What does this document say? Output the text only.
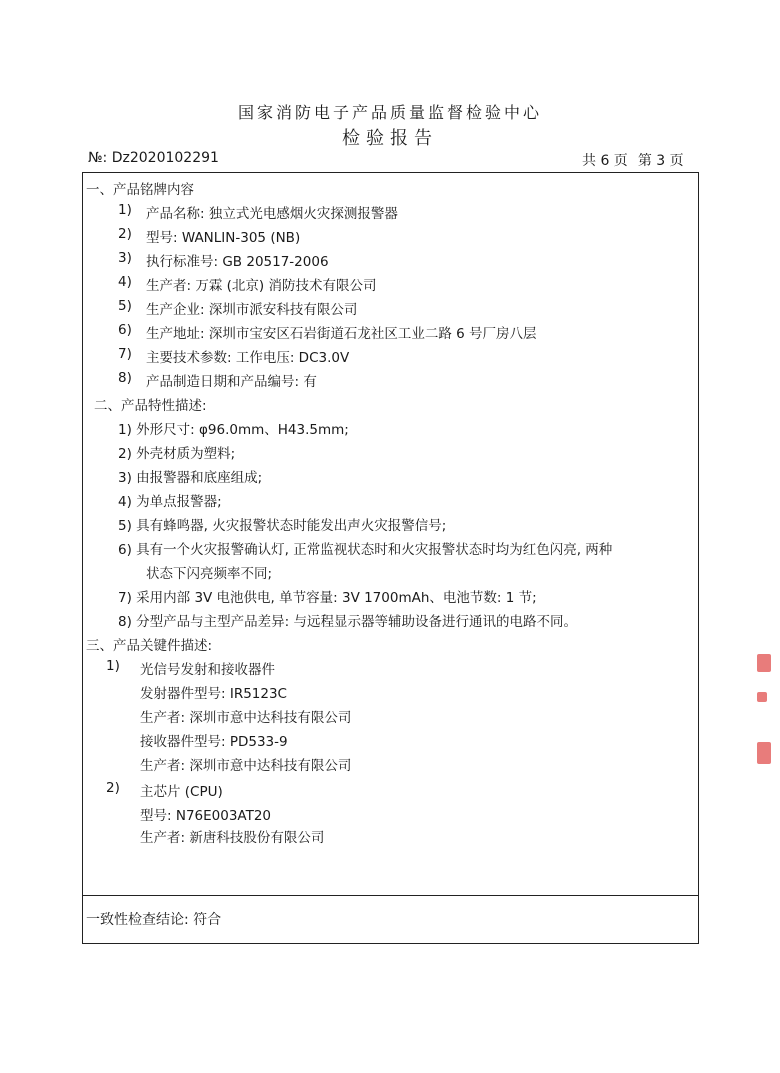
国家消防电子产品质量监督检验中心
检验报告
№: Dz2020102291	共 6 页 第 3 页
一、产品铭牌内容
1)	产品名称: 独立式光电感烟火灾探测报警器
2)	型号: WANLIN-305 (NB)
3)	执行标准号: GB 20517-2006
4)	生产者: 万霖 (北京) 消防技术有限公司
5)	生产企业: 深圳市派安科技有限公司
6)	生产地址: 深圳市宝安区石岩街道石龙社区工业二路 6 号厂房八层
7)	主要技术参数: 工作电压: DC3.0V
8)	产品制造日期和产品编号: 有
二、产品特性描述:
1) 外形尺寸: φ96.0mm、H43.5mm;
2) 外壳材质为塑料;
3) 由报警器和底座组成;
4) 为单点报警器;
5) 具有蜂鸣器, 火灾报警状态时能发出声火灾报警信号;
6) 具有一个火灾报警确认灯, 正常监视状态时和火灾报警状态时均为红色闪亮, 两种
状态下闪亮频率不同;
7) 采用内部 3V 电池供电, 单节容量: 3V 1700mAh、电池节数: 1 节;
8) 分型产品与主型产品差异: 与远程显示器等辅助设备进行通讯的电路不同。
三、产品关键件描述:
1)	光信号发射和接收器件
发射器件型号: IR5123C
生产者: 深圳市意中达科技有限公司
接收器件型号: PD533-9
生产者: 深圳市意中达科技有限公司
2)	主芯片 (CPU)
型号: N76E003AT20
生产者: 新唐科技股份有限公司
一致性检查结论: 符合
